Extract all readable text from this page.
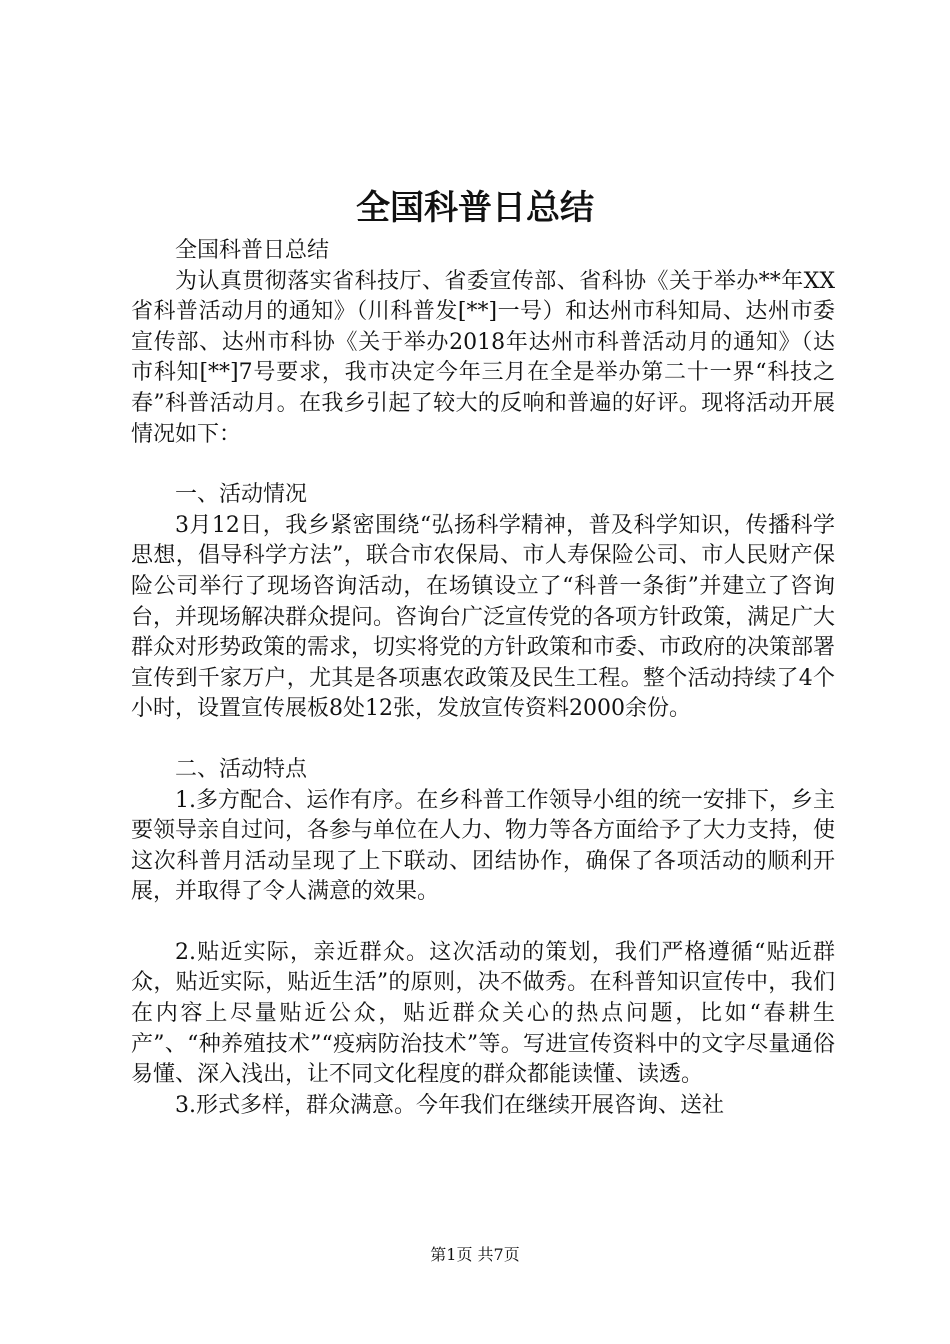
全国科普日总结

全国科普日总结

为认真贯彻落实省科技厅、省委宣传部、省科协《关于举办**年XX省科普活动月的通知》（川科普发[**]一号）和达州市科知局、达州市委宣传部、达州市科协《关于举办2018年达州市科普活动月的通知》（达市科知[**]7号要求，我市决定今年三月在全是举办第二十一界“科技之春”科普活动月。在我乡引起了较大的反响和普遍的好评。现将活动开展情况如下：

一、活动情况

3月12日，我乡紧密围绕“弘扬科学精神，普及科学知识，传播科学思想，倡导科学方法”，联合市农保局、市人寿保险公司、市人民财产保险公司举行了现场咨询活动，在场镇设立了“科普一条街”并建立了咨询台，并现场解决群众提问。咨询台广泛宣传党的各项方针政策，满足广大群众对形势政策的需求，切实将党的方针政策和市委、市政府的决策部署宣传到千家万户，尤其是各项惠农政策及民生工程。整个活动持续了4个小时，设置宣传展板8处12张，发放宣传资料2000余份。

二、活动特点

1.多方配合、运作有序。在乡科普工作领导小组的统一安排下，乡主要领导亲自过问，各参与单位在人力、物力等各方面给予了大力支持，使这次科普月活动呈现了上下联动、团结协作，确保了各项活动的顺利开展，并取得了令人满意的效果。

2.贴近实际，亲近群众。这次活动的策划，我们严格遵循“贴近群众，贴近实际，贴近生活”的原则，决不做秀。在科普知识宣传中，我们在内容上尽量贴近公众，贴近群众关心的热点问题，比如“春耕生产”、“种养殖技术”“疫病防治技术”等。写进宣传资料中的文字尽量通俗易懂、深入浅出，让不同文化程度的群众都能读懂、读透。

3.形式多样，群众满意。今年我们在继续开展咨询、送社

第1页 共7页
